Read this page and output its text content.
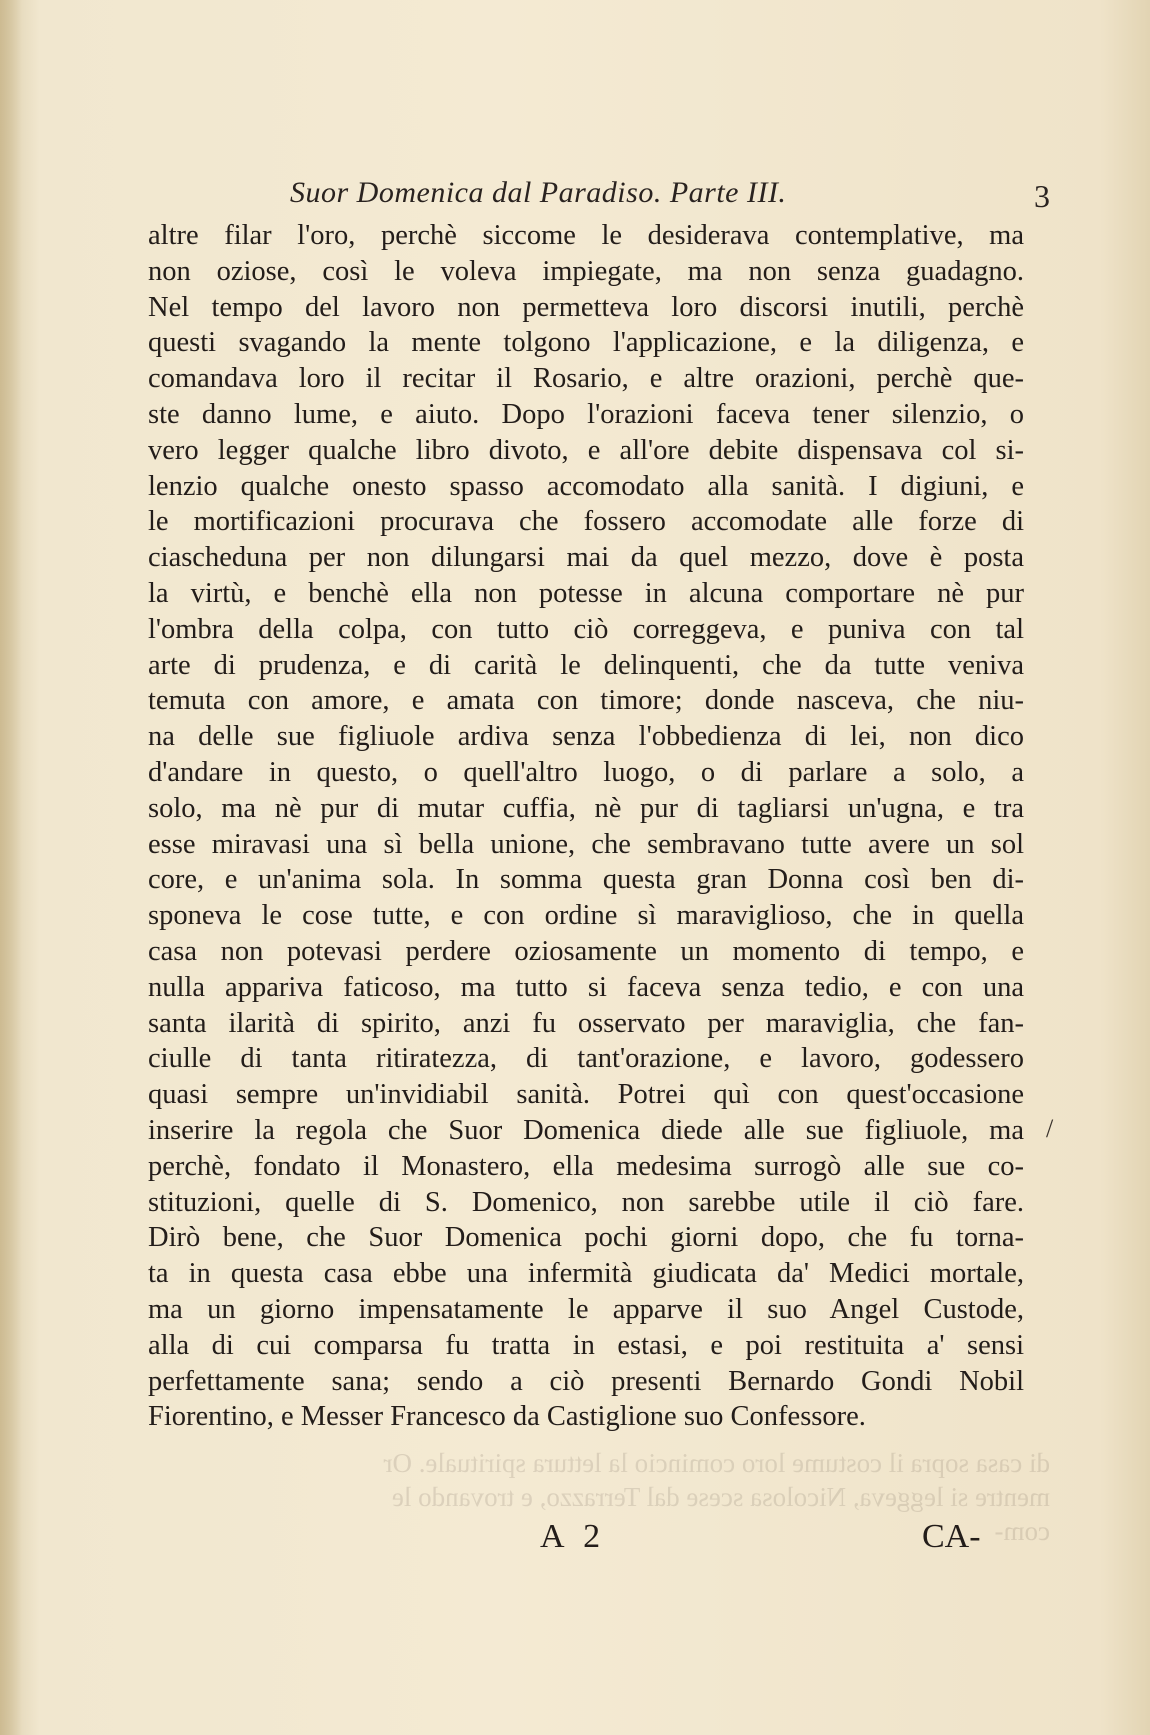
Suor Domenica dal Paradiso. Parte III.	3
altre filar l'oro, perchè siccome le desiderava contemplative, ma
non oziose, così le voleva impiegate, ma non senza guadagno.
Nel tempo del lavoro non permetteva loro discorsi inutili, perchè
questi svagando la mente tolgono l'applicazione, e la diligenza, e
comandava loro il recitar il Rosario, e altre orazioni, perchè que-
ste danno lume, e aiuto. Dopo l'orazioni faceva tener silenzio, o
vero legger qualche libro divoto, e all'ore debite dispensava col si-
lenzio qualche onesto spasso accomodato alla sanità. I digiuni, e
le mortificazioni procurava che fossero accomodate alle forze di
ciascheduna per non dilungarsi mai da quel mezzo, dove è posta
la virtù, e benchè ella non potesse in alcuna comportare nè pur
l'ombra della colpa, con tutto ciò correggeva, e puniva con tal
arte di prudenza, e di carità le delinquenti, che da tutte veniva
temuta con amore, e amata con timore; donde nasceva, che niu-
na delle sue figliuole ardiva senza l'obbedienza di lei, non dico
d'andare in questo, o quell'altro luogo, o di parlare a solo, a
solo, ma nè pur di mutar cuffia, nè pur di tagliarsi un'ugna, e tra
esse miravasi una sì bella unione, che sembravano tutte avere un sol
core, e un'anima sola. In somma questa gran Donna così ben di-
sponeva le cose tutte, e con ordine sì maraviglioso, che in quella
casa non potevasi perdere oziosamente un momento di tempo, e
nulla appariva faticoso, ma tutto si faceva senza tedio, e con una
santa ilarità di spirito, anzi fu osservato per maraviglia, che fan-
ciulle di tanta ritiratezza, di tant'orazione, e lavoro, godessero
quasi sempre un'invidiabil sanità. Potrei quì con quest'occasione
inserire la regola che Suor Domenica diede alle sue figliuole, ma
perchè, fondato il Monastero, ella medesima surrogò alle sue co-
stituzioni, quelle di S. Domenico, non sarebbe utile il ciò fare.
Dirò bene, che Suor Domenica pochi giorni dopo, che fu torna-
ta in questa casa ebbe una infermità giudicata da' Medici mortale,
ma un giorno impensatamente le apparve il suo Angel Custode,
alla di cui comparsa fu tratta in estasi, e poi restituita a' sensi
perfettamente sana; sendo a ciò presenti Bernardo Gondi Nobil
Fiorentino, e Messer Francesco da Castiglione suo Confessore.
/
di casa sopra il costume loro comincio la lettura spirituale. Or
mentre si leggeva, Nicolosa scese dal Terrazzo, e trovando le
com-
A 2	CA-
